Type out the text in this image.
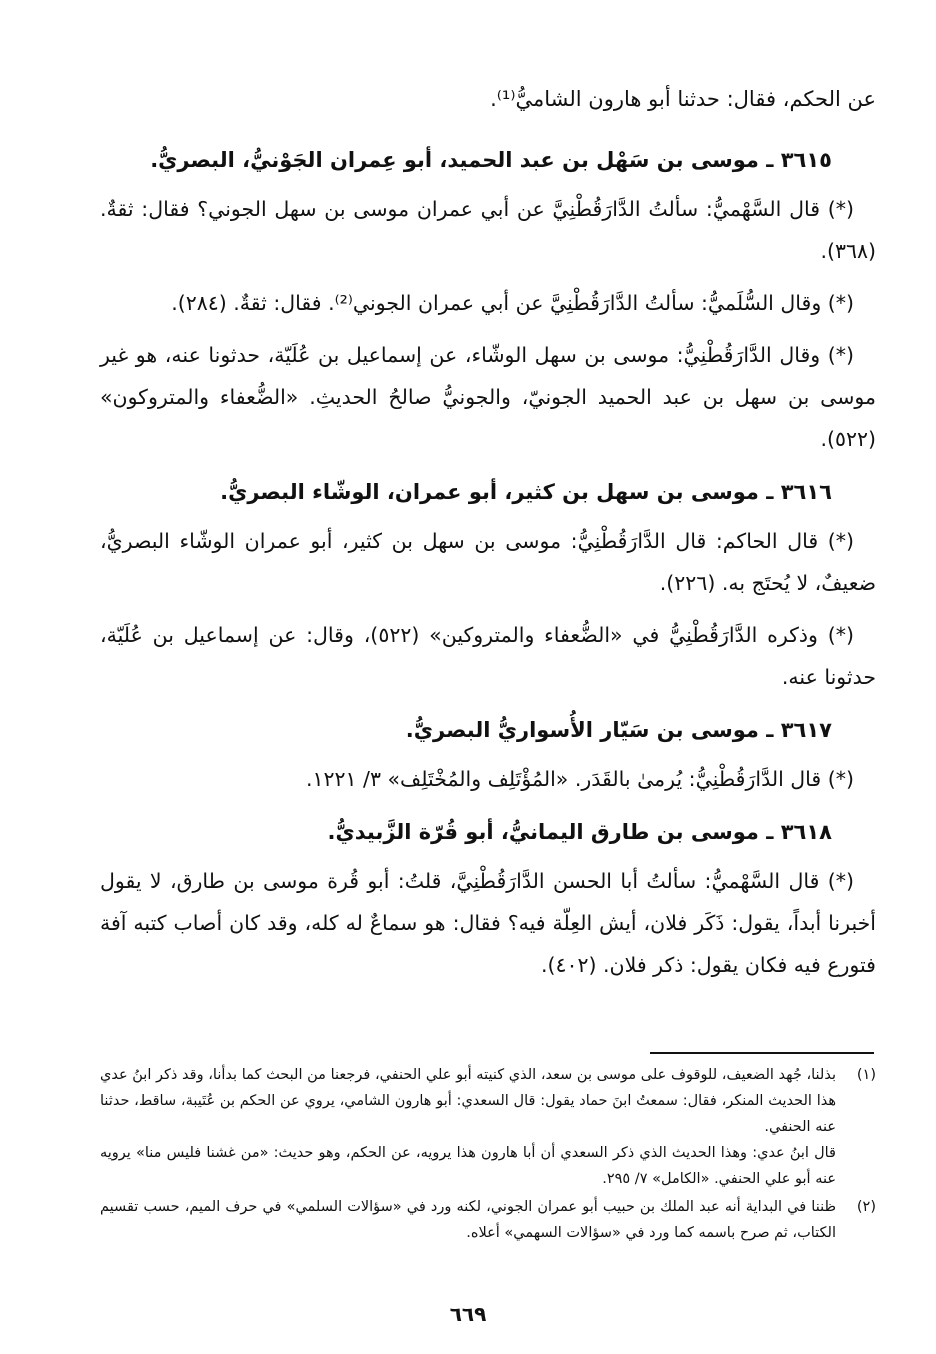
عن الحكم، فقال: حدثنا أبو هارون الشاميُّ⁽¹⁾.

٣٦١٥ ـ موسى بن سَهْل بن عبد الحميد، أبو عِمران الجَوْنيُّ، البصريُّ.

(*) قال السَّهْميُّ: سألتُ الدَّارَقُطْنِيَّ عن أبي عمران موسى بن سهل الجوني؟ فقال: ثقةٌ. (٣٦٨).

(*) وقال السُّلَميُّ: سألتُ الدَّارَقُطْنِيَّ عن أبي عمران الجوني⁽²⁾. فقال: ثقةٌ. (٢٨٤).

(*) وقال الدَّارَقُطْنِيُّ: موسى بن سهل الوشّاء، عن إسماعيل بن عُلَيّة، حدثونا عنه، هو غير موسى بن سهل بن عبد الحميد الجونيّ، والجونيُّ صالحُ الحديثِ. «الضُّعفاء والمتروكون» (٥٢٢).

٣٦١٦ ـ موسى بن سهل بن كثير، أبو عمران، الوشّاء البصريُّ.

(*) قال الحاكم: قال الدَّارَقُطْنِيُّ: موسى بن سهل بن كثير، أبو عمران الوشّاء البصريُّ، ضعيفٌ، لا يُحتَج به. (٢٢٦).

(*) وذكره الدَّارَقُطْنِيُّ في «الضُّعفاء والمتروكين» (٥٢٢)، وقال: عن إسماعيل بن عُلَيّة، حدثونا عنه.

٣٦١٧ ـ موسى بن سَيّار الأُسواريُّ البصريُّ.

(*) قال الدَّارَقُطْنِيُّ: يُرمىٰ بالقَدَر. «المُؤْتَلِف والمُخْتَلِف» ٣/ ١٢٢١.

٣٦١٨ ـ موسى بن طارق اليمانيُّ، أبو قُرّة الزَّبيديُّ.

(*) قال السَّهْميُّ: سألتُ أبا الحسن الدَّارَقُطْنِيَّ، قلتُ: أبو قُرة موسى بن طارق، لا يقول أخبرنا أبداً، يقول: ذَكَر فلان، أيش العِلّة فيه؟ فقال: هو سماعٌ له كله، وقد كان أصاب كتبه آفة فتورع فيه فكان يقول: ذكر فلان. (٤٠٢).

(١)
بذلنا، جُهد الضعيف، للوقوف على موسى بن سعد، الذي كنيته أبو علي الحنفي، فرجعنا من البحث كما بدأنا، وقد ذكر ابنُ عدي هذا الحديث المنكر، فقال: سمعتُ ابنَ حماد يقول: قال السعدي: أبو هارون الشامي، يروي عن الحكم بن عُتَيبة، ساقط، حدثنا عنه الحنفي.
قال ابنُ عدي: وهذا الحديث الذي ذكر السعدي أن أبا هارون هذا يرويه، عن الحكم، وهو حديث: «من غشنا فليس منا» يرويه عنه أبو علي الحنفي. «الكامل» ٧/ ٢٩٥.
(٢)
ظننا في البداية أنه عبد الملك بن حبيب أبو عمران الجوني، لكنه ورد في «سؤالات السلمي» في حرف الميم، حسب تقسيم الكتاب، ثم صرح باسمه كما ورد في «سؤالات السهمي» أعلاه.
٦٦٩
